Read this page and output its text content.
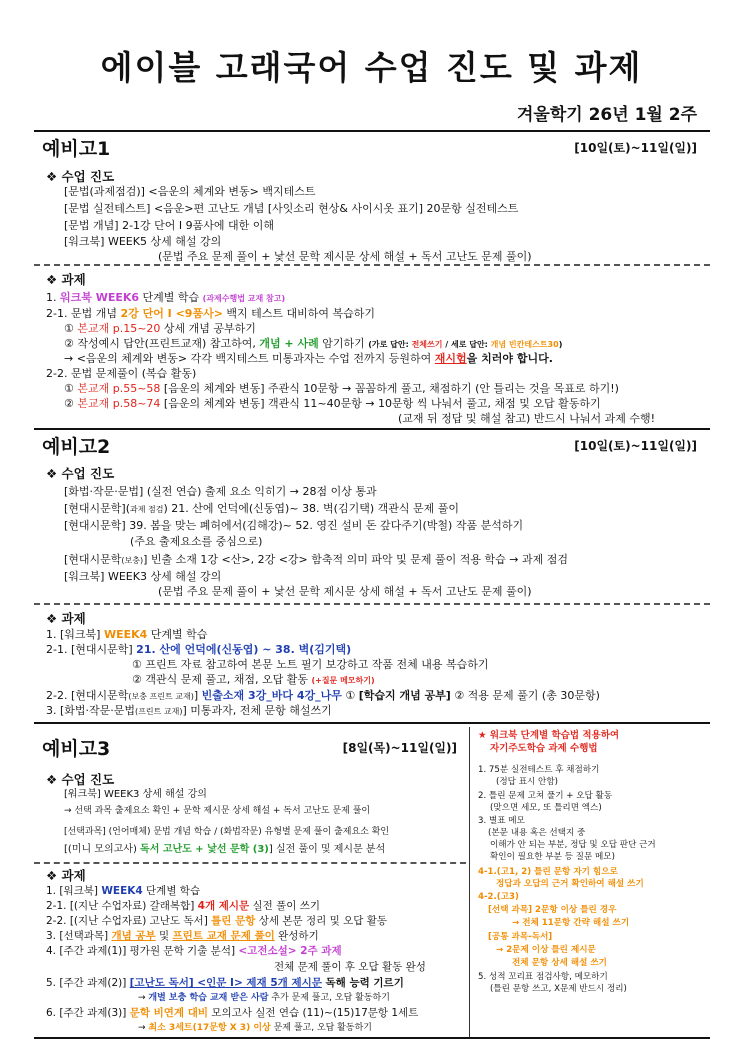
에이블 고래국어 수업 진도 및 과제
겨울학기 26년 1월 2주
예비고1	[10일(토)~11일(일)]
❖ 수업 진도
[문법(과제점검)] <음운의 체계와 변동> 백지테스트
[문법 실전테스트] <음운>편 고난도 개념 [사잇소리 현상& 사이시옷 표기] 20문항 실전테스트
[문법 개념] 2-1강 단어 I 9품사에 대한 이해
[워크북] WEEK5 상세 해설 강의
(문법 주요 문제 풀이 + 낯선 문학 제시문 상세 해설 + 독서 고난도 문제 풀이)
❖ 과제
1. 워크북 WEEK6 단계별 학습 (과제수행법 교재 참고)
2-1. 문법 개념 2강 단어 I <9품사> 백지 테스트 대비하여 복습하기
① 본교재 p.15~20 상세 개념 공부하기
② 작성예시 답안(프린트교재) 참고하여, 개념 + 사례 암기하기 (가로 답안: 전체쓰기 / 세로 답안: 개념 빈칸테스트30)
→ <음운의 체계와 변동> 각각 백지테스트 미통과자는 수업 전까지 등원하여 재시험을 치러야 합니다.
2-2. 문법 문제풀이 (복습 활동)
① 본교재 p.55~58 [음운의 체계와 변동] 주관식 10문항 → 꼼꼼하게 풀고, 채점하기 (안 틀리는 것을 목표로 하기!)
② 본교재 p.58~74 [음운의 체계와 변동] 객관식 11~40문항 → 10문항 씩 나눠서 풀고, 채점 및 오답 활동하기
(교재 뒤 정답 및 해설 참고) 반드시 나눠서 과제 수행!
예비고2	[10일(토)~11일(일)]
❖ 수업 진도
[화법·작문·문법] (실전 연습) 출제 요소 익히기 → 28점 이상 통과
[현대시문학](과제 점검) 21. 산에 언덕에(신동엽)~ 38. 벽(김기택) 객관식 문제 풀이
[현대시문학] 39. 봄을 맞는 폐허에서(김해강)~ 52. 영진 설비 돈 갚다주기(박철) 작품 분석하기
(주요 출제요소를 중심으로)
[현대시문학(보충)] 빈출 소재 1강 <산>, 2강 <강> 함축적 의미 파악 및 문제 풀이 적용 학습 → 과제 점검
[워크북] WEEK3 상세 해설 강의
(문법 주요 문제 풀이 + 낯선 문학 제시문 상세 해설 + 독서 고난도 문제 풀이)
❖ 과제
1. [워크북] WEEK4 단계별 학습
2-1. [현대시문학] 21. 산에 언덕에(신동엽) ~ 38. 벽(김기택)
① 프린트 자료 참고하여 본문 노트 필기 보강하고 작품 전체 내용 복습하기
② 객관식 문제 풀고, 채점, 오답 활동 (+질문 메모하기)
2-2. [현대시문학(보충 프린트 교재)] 빈출소재 3강_바다 4강_나무 ① [학습지 개념 공부] ② 적용 문제 풀기 (총 30문항)
3. [화법·작문·문법(프린트 교재)] 미통과자, 전체 문항 해설쓰기
예비고3	[8일(목)~11일(일)]
❖ 수업 진도
[워크북] WEEK3 상세 해설 강의
→ 선택 과목 출제요소 확인 + 문학 제시문 상세 해설 + 독서 고난도 문제 풀이
[선택과목] (언어매체) 문법 개념 학습 / (화법작문) 유형별 문제 풀이 출제요소 확인
[(미니 모의고사) 독서 고난도 + 낯선 문학 (3)] 실전 풀이 및 제시문 분석
❖ 과제
1. [워크북] WEEK4 단계별 학습
2-1. [(지난 수업자료) 갈래복합] 4개 제시문 실전 풀이 쓰기
2-2. [(지난 수업자료) 고난도 독서] 틀린 문항 상세 본문 정리 및 오답 활동
3. [선택과목] 개념 공부 및 프린트 교재 문제 풀이 완성하기
4. [주간 과제(1)] 평가원 문학 기출 분석] <고전소설> 2주 과제
전체 문제 풀이 후 오답 활동 완성
5. [주간 과제(2)] [고난도 독서] <인문 I> 제재 5개 제시문 독해 능력 기르기
→ 개별 보충 학습 교재 받은 사람 추가 문제 풀고, 오답 활동하기
6. [주간 과제(3)] 문학 비연계 대비 모의고사 실전 연습 (11)~(15)17문항 1세트
→ 최소 3세트(17문항 X 3) 이상 문제 풀고, 오답 활동하기
★ 워크북 단계별 학습법 적용하여
자기주도학습 과제 수행법
1. 75분 실전테스트 후 채점하기
(정답 표시 안함)
2. 틀린 문제 고쳐 풀기 + 오답 활동
(맞으면 세모, 또 틀리면 엑스)
3. 별표 메모
(본문 내용 혹은 선택지 중
이해가 안 되는 부분, 정답 및 오답 판단 근거
확인이 필요한 부분 등 질문 메모)
4-1.(고1, 2) 틀린 문항 자기 힘으로
정답과 오답의 근거 확인하여 해설 쓰기
4-2.(고3)
[선택 과목] 2문항 이상 틀린 경우
→ 전체 11문항 간략 해설 쓰기
[공통 과목-독서]
→ 2문제 이상 틀린 제시문
전체 문항 상세 해설 쓰기
5. 성적 꼬리표 점검사항, 메모하기
(틀린 문항 쓰고, X문제 반드시 정리)
